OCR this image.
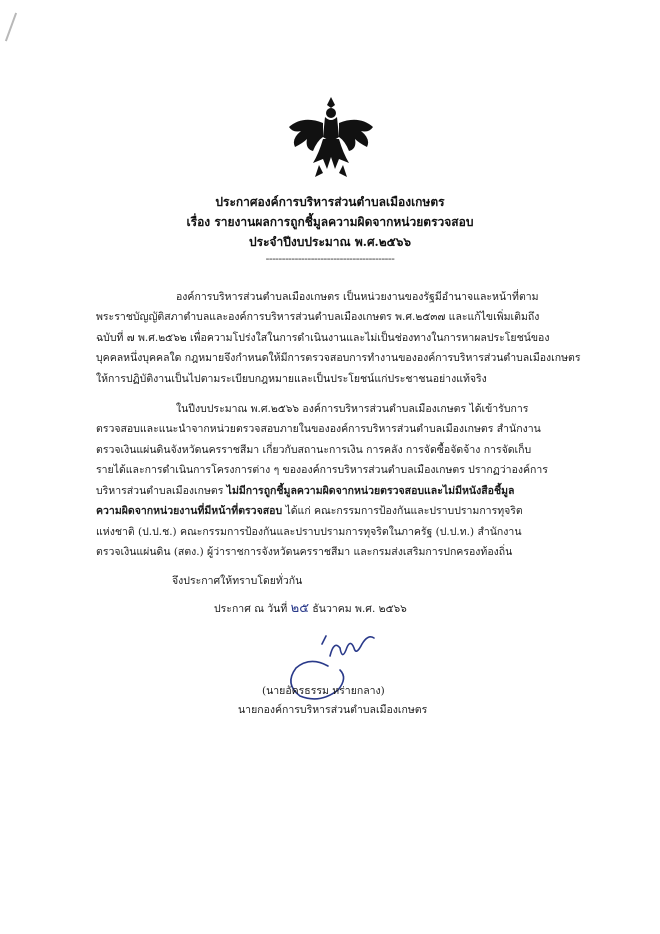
ประกาศองค์การบริหารส่วนตำบลเมืองเกษตร
เรื่อง รายงานผลการถูกชี้มูลความผิดจากหน่วยตรวจสอบ
ประจำปีงบประมาณ พ.ศ.๒๕๖๖
----------------------------------------
องค์การบริหารส่วนตำบลเมืองเกษตร เป็นหน่วยงานของรัฐมีอำนาจและหน้าที่ตาม
พระราชบัญญัติสภาตำบลและองค์การบริหารส่วนตำบลเมืองเกษตร พ.ศ.๒๕๓๗ และแก้ไขเพิ่มเติมถึง
ฉบับที่ ๗ พ.ศ.๒๕๖๒ เพื่อความโปร่งใสในการดำเนินงานและไม่เป็นช่องทางในการหาผลประโยชน์ของ
บุคคลหนึ่งบุคคลใด กฎหมายจึงกำหนดให้มีการตรวจสอบการทำงานขององค์การบริหารส่วนตำบลเมืองเกษตร
ให้การปฏิบัติงานเป็นไปตามระเบียบกฎหมายและเป็นประโยชน์แก่ประชาชนอย่างแท้จริง
ในปีงบประมาณ พ.ศ.๒๕๖๖ องค์การบริหารส่วนตำบลเมืองเกษตร ได้เข้ารับการ
ตรวจสอบและแนะนำจากหน่วยตรวจสอบภายในขององค์การบริหารส่วนตำบลเมืองเกษตร สำนักงาน
ตรวจเงินแผ่นดินจังหวัดนครราชสีมา เกี่ยวกับสถานะการเงิน การคลัง การจัดซื้อจัดจ้าง การจัดเก็บ
รายได้และการดำเนินการโครงการต่าง ๆ ขององค์การบริหารส่วนตำบลเมืองเกษตร ปรากฏว่าองค์การ
บริหารส่วนตำบลเมืองเกษตร ไม่มีการถูกชี้มูลความผิดจากหน่วยตรวจสอบและไม่มีหนังสือชี้มูล
ความผิดจากหน่วยงานที่มีหน้าที่ตรวจสอบ ได้แก่ คณะกรรมการป้องกันและปราบปรามการทุจริต
แห่งชาติ (ป.ป.ช.) คณะกรรมการป้องกันและปราบปรามการทุจริตในภาครัฐ (ป.ป.ท.) สำนักงาน
ตรวจเงินแผ่นดิน (สตง.) ผู้ว่าราชการจังหวัดนครราชสีมา และกรมส่งเสริมการปกครองท้องถิ่น
จึงประกาศให้ทราบโดยทั่วกัน
ประกาศ ณ วันที่ ๒๕ ธันวาคม พ.ศ. ๒๕๖๖
(นายอัครธรรม หร่ายกลาง)
นายกองค์การบริหารส่วนตำบลเมืองเกษตร
